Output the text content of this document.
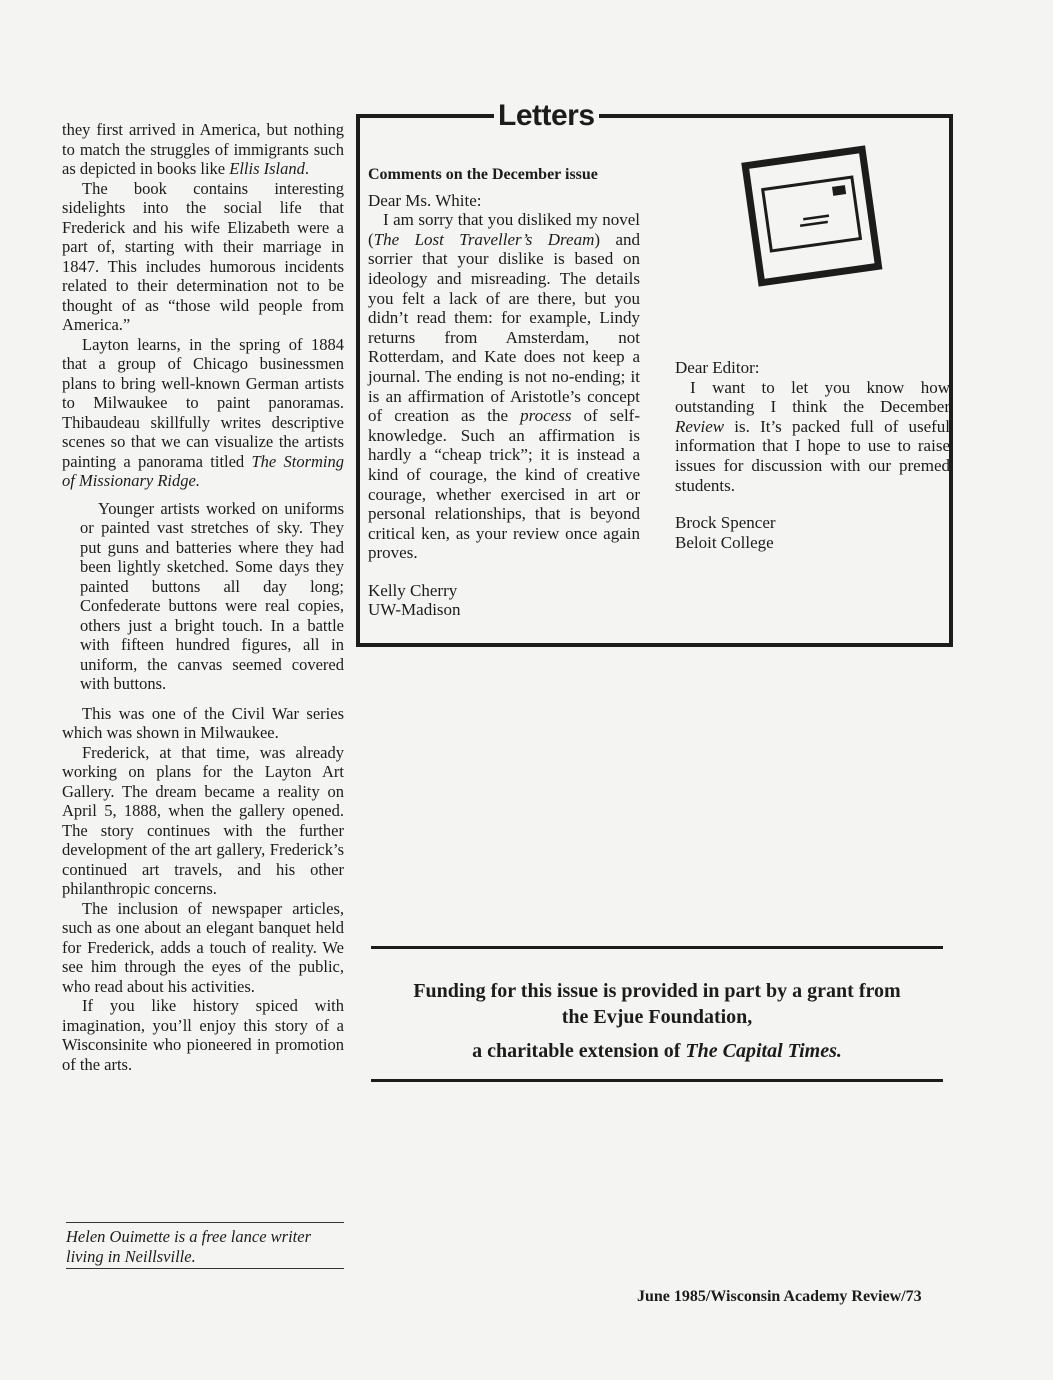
they first arrived in America, but nothing to match the struggles of immigrants such as depicted in books like Ellis Island.

The book contains interesting sidelights into the social life that Frederick and his wife Elizabeth were a part of, starting with their marriage in 1847. This includes humorous incidents related to their determination not to be thought of as “those wild people from America.”

Layton learns, in the spring of 1884 that a group of Chicago businessmen plans to bring well-known German artists to Milwaukee to paint panoramas. Thibaudeau skillfully writes descriptive scenes so that we can visualize the artists painting a panorama titled The Storming of Missionary Ridge.

Younger artists worked on uniforms or painted vast stretches of sky. They put guns and batteries where they had been lightly sketched. Some days they painted buttons all day long; Confederate buttons were real copies, others just a bright touch. In a battle with fifteen hundred figures, all in uniform, the canvas seemed covered with buttons.

This was one of the Civil War series which was shown in Milwaukee.

Frederick, at that time, was already working on plans for the Layton Art Gallery. The dream became a reality on April 5, 1888, when the gallery opened. The story continues with the further development of the art gallery, Frederick’s continued art travels, and his other philanthropic concerns.

The inclusion of newspaper articles, such as one about an elegant banquet held for Frederick, adds a touch of reality. We see him through the eyes of the public, who read about his activities.

If you like history spiced with imagination, you’ll enjoy this story of a Wisconsinite who pioneered in promotion of the arts.

Helen Ouimette is a free lance writer living in Neillsville.
Letters
Comments on the December issue

Dear Ms. White:

I am sorry that you disliked my novel (The Lost Traveller’s Dream) and sorrier that your dislike is based on ideology and misreading. The details you felt a lack of are there, but you didn’t read them: for example, Lindy returns from Amsterdam, not Rotterdam, and Kate does not keep a journal. The ending is not no-ending; it is an affirmation of Aristotle’s concept of creation as the process of self-knowledge. Such an affirmation is hardly a “cheap trick”; it is instead a kind of courage, the kind of creative courage, whether exercised in art or personal relationships, that is beyond critical ken, as your review once again proves.

Kelly Cherry

UW-Madison

Dear Editor:

I want to let you know how outstanding I think the December Review is. It’s packed full of useful information that I hope to use to raise issues for discussion with our premed students.

Brock Spencer

Beloit College

Funding for this issue is provided in part by a grant from
the Evjue Foundation,
a charitable extension of The Capital Times.
June 1985/Wisconsin Academy Review/73
